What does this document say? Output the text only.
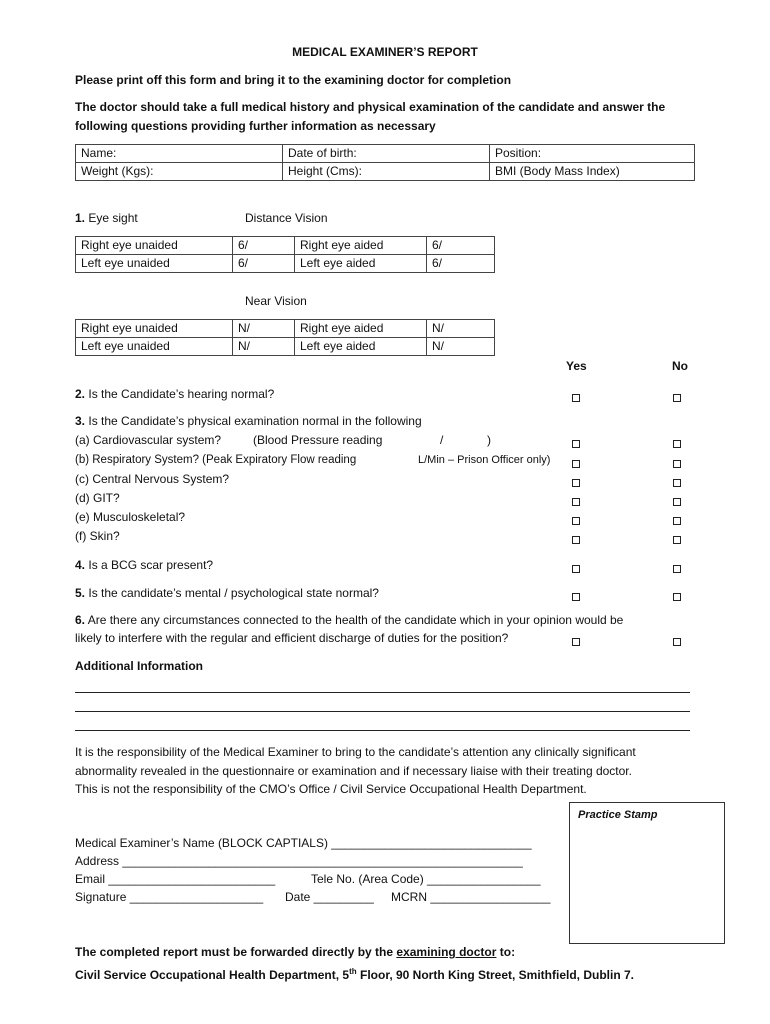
MEDICAL EXAMINER’S REPORT
Please print off this form and bring it to the examining doctor for completion
The doctor should take a full medical history and physical examination of the candidate and answer the
following questions providing further information as necessary
Name:	Date of birth:	Position:
Weight (Kgs):	Height (Cms):	BMI (Body Mass Index)
1. Eye sight	Distance Vision
Right eye unaided	6/	Right eye aided	6/
Left eye unaided	6/	Left eye aided	6/
Near Vision
Right eye unaided	N/	Right eye aided	N/
Left eye unaided	N/	Left eye aided	N/
Yes	No
2. Is the Candidate’s hearing normal?
3. Is the Candidate’s physical examination normal in the following
(a) Cardiovascular system?	(Blood Pressure reading	/	)
(b) Respiratory System? (Peak Expiratory Flow reading	L/Min – Prison Officer only)
(c) Central Nervous System?
(d) GIT?
(e) Musculoskeletal?
(f) Skin?
4. Is a BCG scar present?
5. Is the candidate’s mental / psychological state normal?
6. Are there any circumstances connected to the health of the candidate which in your opinion would be
likely to interfere with the regular and efficient discharge of duties for the position?
Additional Information
It is the responsibility of the Medical Examiner to bring to the candidate’s attention any clinically significant
abnormality revealed in the questionnaire or examination and if necessary liaise with their treating doctor.
This is not the responsibility of the CMO’s Office / Civil Service Occupational Health Department.
Practice Stamp
Medical Examiner’s Name (BLOCK CAPTIALS) ______________________________
Address ____________________________________________________________
Email _________________________	Tele No. (Area Code) _________________
Signature ____________________ Date _________ MCRN __________________
The completed report must be forwarded directly by the examining doctor to:
Civil Service Occupational Health Department, 5th Floor, 90 North King Street, Smithfield, Dublin 7.
